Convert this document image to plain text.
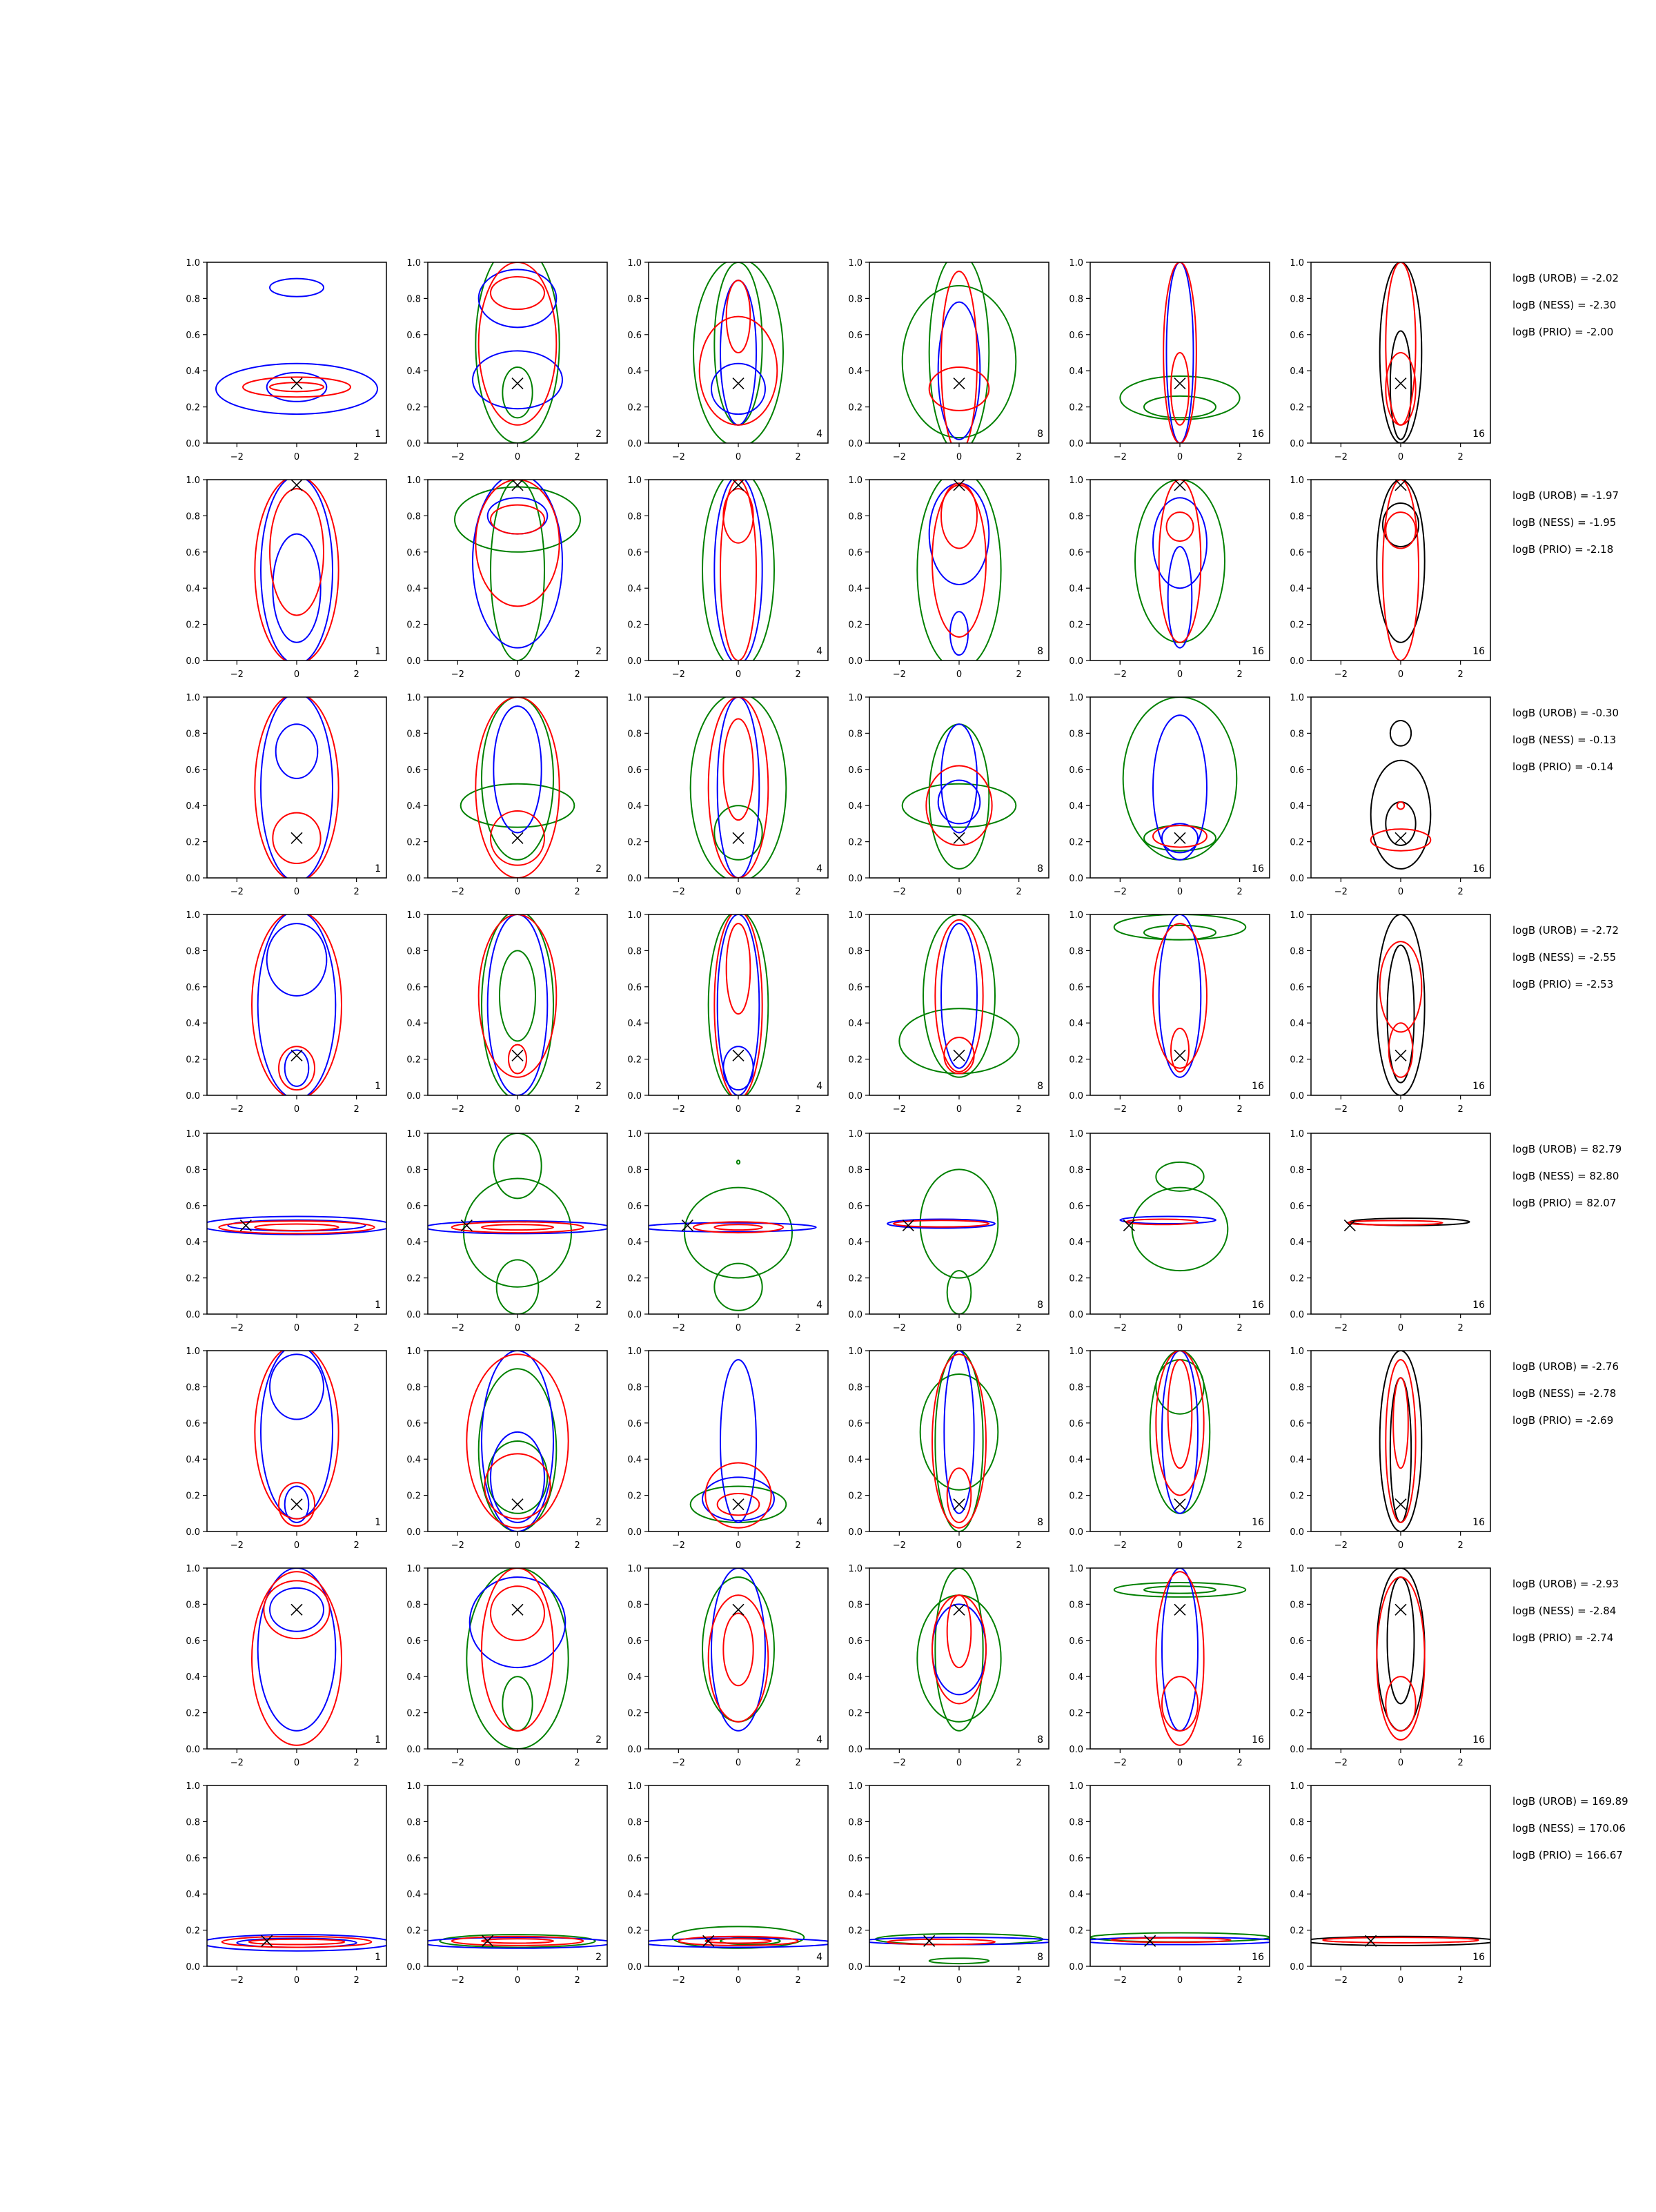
−2	0	2
0.0
0.2
0.4
0.6
0.8
1.0
1
−2	0	2
0.0
0.2
0.4
0.6
0.8
1.0
2
−2	0	2
0.0
0.2
0.4
0.6
0.8
1.0
4
−2	0	2
0.0
0.2
0.4
0.6
0.8
1.0
8
−2	0	2
0.0
0.2
0.4
0.6
0.8
1.0
16
−2	0	2
0.0
0.2
0.4
0.6
0.8
1.0
16
logB (UROB) = -2.02
logB (NESS) = -2.30
logB (PRIO) = -2.00
−2	0	2
0.0
0.2
0.4
0.6
0.8
1.0
1
−2	0	2
0.0
0.2
0.4
0.6
0.8
1.0
2
−2	0	2
0.0
0.2
0.4
0.6
0.8
1.0
4
−2	0	2
0.0
0.2
0.4
0.6
0.8
1.0
8
−2	0	2
0.0
0.2
0.4
0.6
0.8
1.0
16
−2	0	2
0.0
0.2
0.4
0.6
0.8
1.0
16
logB (UROB) = -1.97
logB (NESS) = -1.95
logB (PRIO) = -2.18
−2	0	2
0.0
0.2
0.4
0.6
0.8
1.0
1
−2	0	2
0.0
0.2
0.4
0.6
0.8
1.0
2
−2	0	2
0.0
0.2
0.4
0.6
0.8
1.0
4
−2	0	2
0.0
0.2
0.4
0.6
0.8
1.0
8
−2	0	2
0.0
0.2
0.4
0.6
0.8
1.0
16
−2	0	2
0.0
0.2
0.4
0.6
0.8
1.0
16
logB (UROB) = -0.30
logB (NESS) = -0.13
logB (PRIO) = -0.14
−2	0	2
0.0
0.2
0.4
0.6
0.8
1.0
1
−2	0	2
0.0
0.2
0.4
0.6
0.8
1.0
2
−2	0	2
0.0
0.2
0.4
0.6
0.8
1.0
4
−2	0	2
0.0
0.2
0.4
0.6
0.8
1.0
8
−2	0	2
0.0
0.2
0.4
0.6
0.8
1.0
16
−2	0	2
0.0
0.2
0.4
0.6
0.8
1.0
16
logB (UROB) = -2.72
logB (NESS) = -2.55
logB (PRIO) = -2.53
−2	0	2
0.0
0.2
0.4
0.6
0.8
1.0
1
−2	0	2
0.0
0.2
0.4
0.6
0.8
1.0
2
−2	0	2
0.0
0.2
0.4
0.6
0.8
1.0
4
−2	0	2
0.0
0.2
0.4
0.6
0.8
1.0
8
−2	0	2
0.0
0.2
0.4
0.6
0.8
1.0
16
−2	0	2
0.0
0.2
0.4
0.6
0.8
1.0
16
logB (UROB) = 82.79
logB (NESS) = 82.80
logB (PRIO) = 82.07
−2	0	2
0.0
0.2
0.4
0.6
0.8
1.0
1
−2	0	2
0.0
0.2
0.4
0.6
0.8
1.0
2
−2	0	2
0.0
0.2
0.4
0.6
0.8
1.0
4
−2	0	2
0.0
0.2
0.4
0.6
0.8
1.0
8
−2	0	2
0.0
0.2
0.4
0.6
0.8
1.0
16
−2	0	2
0.0
0.2
0.4
0.6
0.8
1.0
16
logB (UROB) = -2.76
logB (NESS) = -2.78
logB (PRIO) = -2.69
−2	0	2
0.0
0.2
0.4
0.6
0.8
1.0
1
−2	0	2
0.0
0.2
0.4
0.6
0.8
1.0
2
−2	0	2
0.0
0.2
0.4
0.6
0.8
1.0
4
−2	0	2
0.0
0.2
0.4
0.6
0.8
1.0
8
−2	0	2
0.0
0.2
0.4
0.6
0.8
1.0
16
−2	0	2
0.0
0.2
0.4
0.6
0.8
1.0
16
logB (UROB) = -2.93
logB (NESS) = -2.84
logB (PRIO) = -2.74
−2	0	2
0.0
0.2
0.4
0.6
0.8
1.0
1
−2	0	2
0.0
0.2
0.4
0.6
0.8
1.0
2
−2	0	2
0.0
0.2
0.4
0.6
0.8
1.0
4
−2	0	2
0.0
0.2
0.4
0.6
0.8
1.0
8
−2	0	2
0.0
0.2
0.4
0.6
0.8
1.0
16
−2	0	2
0.0
0.2
0.4
0.6
0.8
1.0
16
logB (UROB) = 169.89
logB (NESS) = 170.06
logB (PRIO) = 166.67
